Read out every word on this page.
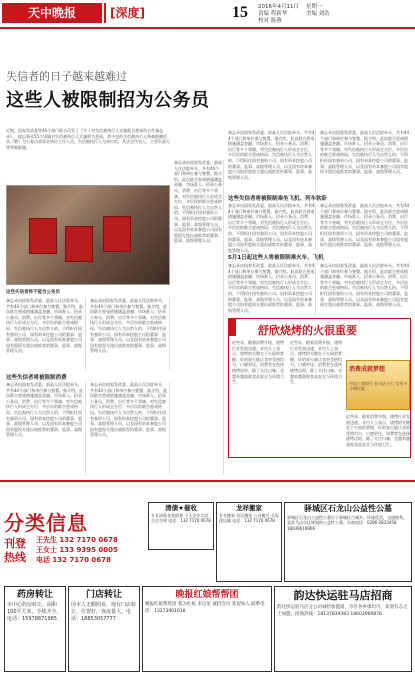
天中晚报	[深度]	15 2016年4月11日
责编 程新华
校对 陈燕
星期一
美编 刘浩
失信者的日子越来越难过
这些人被限制招为公务员
近期，国家发改委等44个部门联合印发了《关于对失信被执行人实施联合惩戒的合作备忘录》，提出将从55个领域对失信被执行人实施联合惩戒，其中包括失信被执行人将被限制招录（聘）为公务员或事业单位工作人员，失信被执行人为单位的，其法定代表人、主要负责人等将被限制。
这些失信者将不能当公务员
备忘录由国家发改委、最高人民法院牵头，共有44个部门和单位参与签署。据介绍，此次联合惩戒措施涵盖金融、市场准入、招录公务员、消费、出行等多个领域，对失信被执行人形成全方位、多层次的联合惩戒格局。失信被执行人为自然人的，不得担任国有独资公司、国有资本控股公司的董事、监事、高级管理人员，以及国有资本参股公司国有股权方派出或推荐的董事、监事、高级管理人员。
备忘录由国家发改委、最高人民法院牵头，共有44个部门和单位参与签署。据介绍，此次联合惩戒措施涵盖金融、市场准入、招录公务员、消费、出行等多个领域，对失信被执行人形成全方位、多层次的联合惩戒格局。失信被执行人为自然人的，不得担任国有独资公司、国有资本控股公司的董事、监事、高级管理人员，以及国有资本参股公司国有股权方派出或推荐的董事、监事、高级管理人员。
这些失信者将被限制消费
备忘录由国家发改委、最高人民法院牵头，共有44个部门和单位参与签署。据介绍，此次联合惩戒措施涵盖金融、市场准入、招录公务员、消费、出行等多个领域，对失信被执行人形成全方位、多层次的联合惩戒格局。失信被执行人为自然人的，不得担任国有独资公司、国有资本控股公司的董事、监事、高级管理人员，以及国有资本参股公司国有股权方派出或推荐的董事、监事、高级管理人员。
备忘录由国家发改委、最高人民法院牵头，共有44个部门和单位参与签署。据介绍，此次联合惩戒措施涵盖金融、市场准入、招录公务员、消费、出行等多个领域，对失信被执行人形成全方位、多层次的联合惩戒格局。失信被执行人为自然人的，不得担任国有独资公司、国有资本控股公司的董事、监事、高级管理人员，以及国有资本参股公司国有股权方派出或推荐的董事、监事、高级管理人员。
备忘录由国家发改委、最高人民法院牵头，共有44个部门和单位参与签署。据介绍，此次联合惩戒措施涵盖金融、市场准入、招录公务员、消费、出行等多个领域，对失信被执行人形成全方位、多层次的联合惩戒格局。失信被执行人为自然人的，不得担任国有独资公司、国有资本控股公司的董事、监事、高级管理人员，以及国有资本参股公司国有股权方派出或推荐的董事、监事、高级管理人员。
备忘录由国家发改委、最高人民法院牵头，共有44个部门和单位参与签署。据介绍，此次联合惩戒措施涵盖金融、市场准入、招录公务员、消费、出行等多个领域，对失信被执行人形成全方位、多层次的联合惩戒格局。失信被执行人为自然人的，不得担任国有独资公司、国有资本控股公司的董事、监事、高级管理人员，以及国有资本参股公司国有股权方派出或推荐的董事、监事、高级管理人员。
备忘录由国家发改委、最高人民法院牵头，共有44个部门和单位参与签署。据介绍，此次联合惩戒措施涵盖金融、市场准入、招录公务员、消费、出行等多个领域，对失信被执行人形成全方位、多层次的联合惩戒格局。失信被执行人为自然人的，不得担任国有独资公司、国有资本控股公司的董事、监事、高级管理人员，以及国有资本参股公司国有股权方派出或推荐的董事、监事、高级管理人员。
这些失信者将被限制乘坐飞机、列车软卧
备忘录由国家发改委、最高人民法院牵头，共有44个部门和单位参与签署。据介绍，此次联合惩戒措施涵盖金融、市场准入、招录公务员、消费、出行等多个领域，对失信被执行人形成全方位、多层次的联合惩戒格局。失信被执行人为自然人的，不得担任国有独资公司、国有资本控股公司的董事、监事、高级管理人员，以及国有资本参股公司国有股权方派出或推荐的董事、监事、高级管理人员。
备忘录由国家发改委、最高人民法院牵头，共有44个部门和单位参与签署。据介绍，此次联合惩戒措施涵盖金融、市场准入、招录公务员、消费、出行等多个领域，对失信被执行人形成全方位、多层次的联合惩戒格局。失信被执行人为自然人的，不得担任国有独资公司、国有资本控股公司的董事、监事、高级管理人员，以及国有资本参股公司国有股权方派出或推荐的董事、监事、高级管理人员。
5月1日起这些人将被限制乘火车、飞机
备忘录由国家发改委、最高人民法院牵头，共有44个部门和单位参与签署。据介绍，此次联合惩戒措施涵盖金融、市场准入、招录公务员、消费、出行等多个领域，对失信被执行人形成全方位、多层次的联合惩戒格局。失信被执行人为自然人的，不得担任国有独资公司、国有资本控股公司的董事、监事、高级管理人员，以及国有资本参股公司国有股权方派出或推荐的董事、监事、高级管理人员。
备忘录由国家发改委、最高人民法院牵头，共有44个部门和单位参与签署。据介绍，此次联合惩戒措施涵盖金融、市场准入、招录公务员、消费、出行等多个领域，对失信被执行人形成全方位、多层次的联合惩戒格局。失信被执行人为自然人的，不得担任国有独资公司、国有资本控股公司的董事、监事、高级管理人员，以及国有资本参股公司国有股权方派出或推荐的董事、监事、高级管理人员。
舒欣烧烤的火很重要
近些年，随着消费升级，烧烤行业发展迅速。业内人士表示，烧烤的关键在于火候的掌握，好的炭火能让食材受热均匀，口感更佳。消费者在选择烧烤店时，除了关注口味，也越来越重视食品安全与环境卫生。
近些年，随着消费升级，烧烤行业发展迅速。业内人士表示，烧烤的关键在于火候的掌握，好的炭火能让食材受热均匀，口感更佳。消费者在选择烧烤店时，除了关注口味，也越来越重视食品安全与环境卫生。
消费成就梦想
中国工商银行 驻马店分行 信用卡 分期付款
近些年，随着消费升级，烧烤行业发展迅速。业内人士表示，烧烤的关键在于火候的掌握，好的炭火能让食材受热均匀，口感更佳。消费者在选择烧烤店时，除了关注口味，也越来越重视食品安全与环境卫生。
分类信息
刊登
热线
王先生 132 7170 0678
王女士 133 9395 0005
电话 132 7170 0678
清债★催收
专业清收各类债务 个人企业欠款 合法合规 电话：132 7170 0678
龙祥搬家
专业搬家 居民搬家 公司搬迁 长短途运输 电话：132 7170 0678
驿城区石龙山公益性公墓
驿城区石龙山公益性公墓位于驿城区古城乡，环境优美，交通便利，是驻马店市区规划的公益性公墓。咨询电话：0396-2833458 18039618966
药房转让
市中心药房转让，面积100平方米，手续齐全。电话：15978871985
门店转让
因本人无暇照看，现有门店转让，位置好，客流量大。电话：18853057777
晚报红娘帮帮团
晚报红娘帮帮团 我为红娘 来这里 诚招会员 欢迎加入 联系电话：13273901618
韵达快运驻马店招商
韵达快运驻马店分公司诚招加盟商，市区各乡镇均可，欢迎有志之士加盟。招商热线：18137839383 18603969876
